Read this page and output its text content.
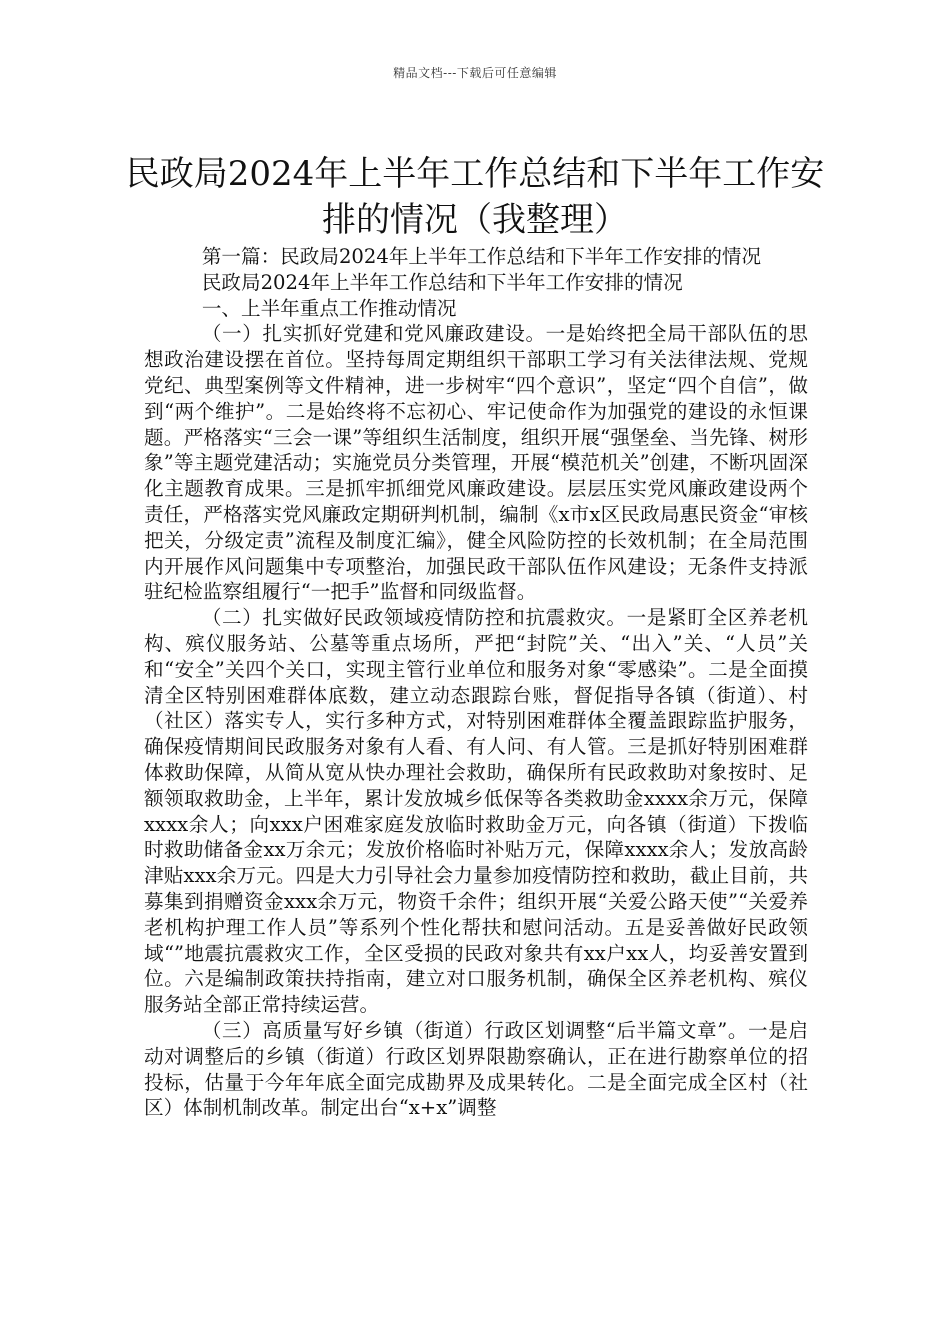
精品文档---下载后可任意编辑
民政局2024年上半年工作总结和下半年工作安排的情况（我整理）

第一篇：民政局2024年上半年工作总结和下半年工作安排的情况

民政局2024年上半年工作总结和下半年工作安排的情况

一、上半年重点工作推动情况

（一）扎实抓好党建和党风廉政建设。一是始终把全局干部队伍的思想政治建设摆在首位。坚持每周定期组织干部职工学习有关法律法规、党规党纪、典型案例等文件精神，进一步树牢“四个意识”，坚定“四个自信”，做到“两个维护”。二是始终将不忘初心、牢记使命作为加强党的建设的永恒课题。严格落实“三会一课”等组织生活制度，组织开展“强堡垒、当先锋、树形象”等主题党建活动；实施党员分类管理，开展“模范机关”创建，不断巩固深化主题教育成果。三是抓牢抓细党风廉政建设。层层压实党风廉政建设两个责任，严格落实党风廉政定期研判机制，编制《x市x区民政局惠民资金“审核把关，分级定责”流程及制度汇编》，健全风险防控的长效机制；在全局范围内开展作风问题集中专项整治，加强民政干部队伍作风建设；无条件支持派驻纪检监察组履行“一把手”监督和同级监督。

（二）扎实做好民政领域疫情防控和抗震救灾。一是紧盯全区养老机构、殡仪服务站、公墓等重点场所，严把“封院”关、“出入”关、“人员”关和“安全”关四个关口，实现主管行业单位和服务对象“零感染”。二是全面摸清全区特别困难群体底数，建立动态跟踪台账，督促指导各镇（街道）、村（社区）落实专人，实行多种方式，对特别困难群体全覆盖跟踪监护服务，确保疫情期间民政服务对象有人看、有人问、有人管。三是抓好特别困难群体救助保障，从简从宽从快办理社会救助，确保所有民政救助对象按时、足额领取救助金，上半年，累计发放城乡低保等各类救助金xxxx余万元，保障xxxx余人；向xxx户困难家庭发放临时救助金万元，向各镇（街道）下拨临时救助储备金xx万余元；发放价格临时补贴万元，保障xxxx余人；发放高龄津贴xxx余万元。四是大力引导社会力量参加疫情防控和救助，截止目前，共募集到捐赠资金xxx余万元，物资千余件；组织开展“关爱公路天使”“关爱养老机构护理工作人员”等系列个性化帮扶和慰问活动。五是妥善做好民政领域“”地震抗震救灾工作，全区受损的民政对象共有xx户xx人，均妥善安置到位。六是编制政策扶持指南，建立对口服务机制，确保全区养老机构、殡仪服务站全部正常持续运营。

（三）高质量写好乡镇（街道）行政区划调整“后半篇文章”。一是启动对调整后的乡镇（街道）行政区划界限勘察确认，正在进行勘察单位的招投标，估量于今年年底全面完成勘界及成果转化。二是全面完成全区村（社区）体制机制改革。制定出台“x+x”调整
